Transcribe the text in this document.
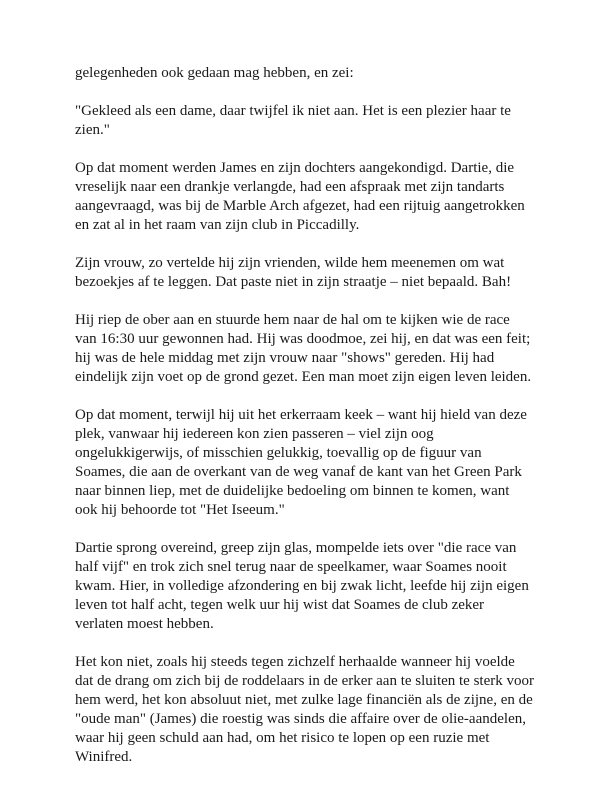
gelegenheden ook gedaan mag hebben, en zei:

"Gekleed als een dame, daar twijfel ik niet aan. Het is een plezier haar te zien."

Op dat moment werden James en zijn dochters aangekondigd. Dartie, die vreselijk naar een drankje verlangde, had een afspraak met zijn tandarts aangevraagd, was bij de Marble Arch afgezet, had een rijtuig aangetrokken en zat al in het raam van zijn club in Piccadilly.

Zijn vrouw, zo vertelde hij zijn vrienden, wilde hem meenemen om wat bezoekjes af te leggen. Dat paste niet in zijn straatje – niet bepaald. Bah!

Hij riep de ober aan en stuurde hem naar de hal om te kijken wie de race van 16:30 uur gewonnen had. Hij was doodmoe, zei hij, en dat was een feit; hij was de hele middag met zijn vrouw naar "shows" gereden. Hij had eindelijk zijn voet op de grond gezet. Een man moet zijn eigen leven leiden.

Op dat moment, terwijl hij uit het erkerraam keek – want hij hield van deze plek, vanwaar hij iedereen kon zien passeren – viel zijn oog ongelukkigerwijs, of misschien gelukkig, toevallig op de figuur van Soames, die aan de overkant van de weg vanaf de kant van het Green Park naar binnen liep, met de duidelijke bedoeling om binnen te komen, want ook hij behoorde tot "Het Iseeum."

Dartie sprong overeind, greep zijn glas, mompelde iets over "die race van half vijf" en trok zich snel terug naar de speelkamer, waar Soames nooit kwam. Hier, in volledige afzondering en bij zwak licht, leefde hij zijn eigen leven tot half acht, tegen welk uur hij wist dat Soames de club zeker verlaten moest hebben.

Het kon niet, zoals hij steeds tegen zichzelf herhaalde wanneer hij voelde dat de drang om zich bij de roddelaars in de erker aan te sluiten te sterk voor hem werd, het kon absoluut niet, met zulke lage financiën als de zijne, en de "oude man" (James) die roestig was sinds die affaire over de olie-aandelen, waar hij geen schuld aan had, om het risico te lopen op een ruzie met Winifred.
